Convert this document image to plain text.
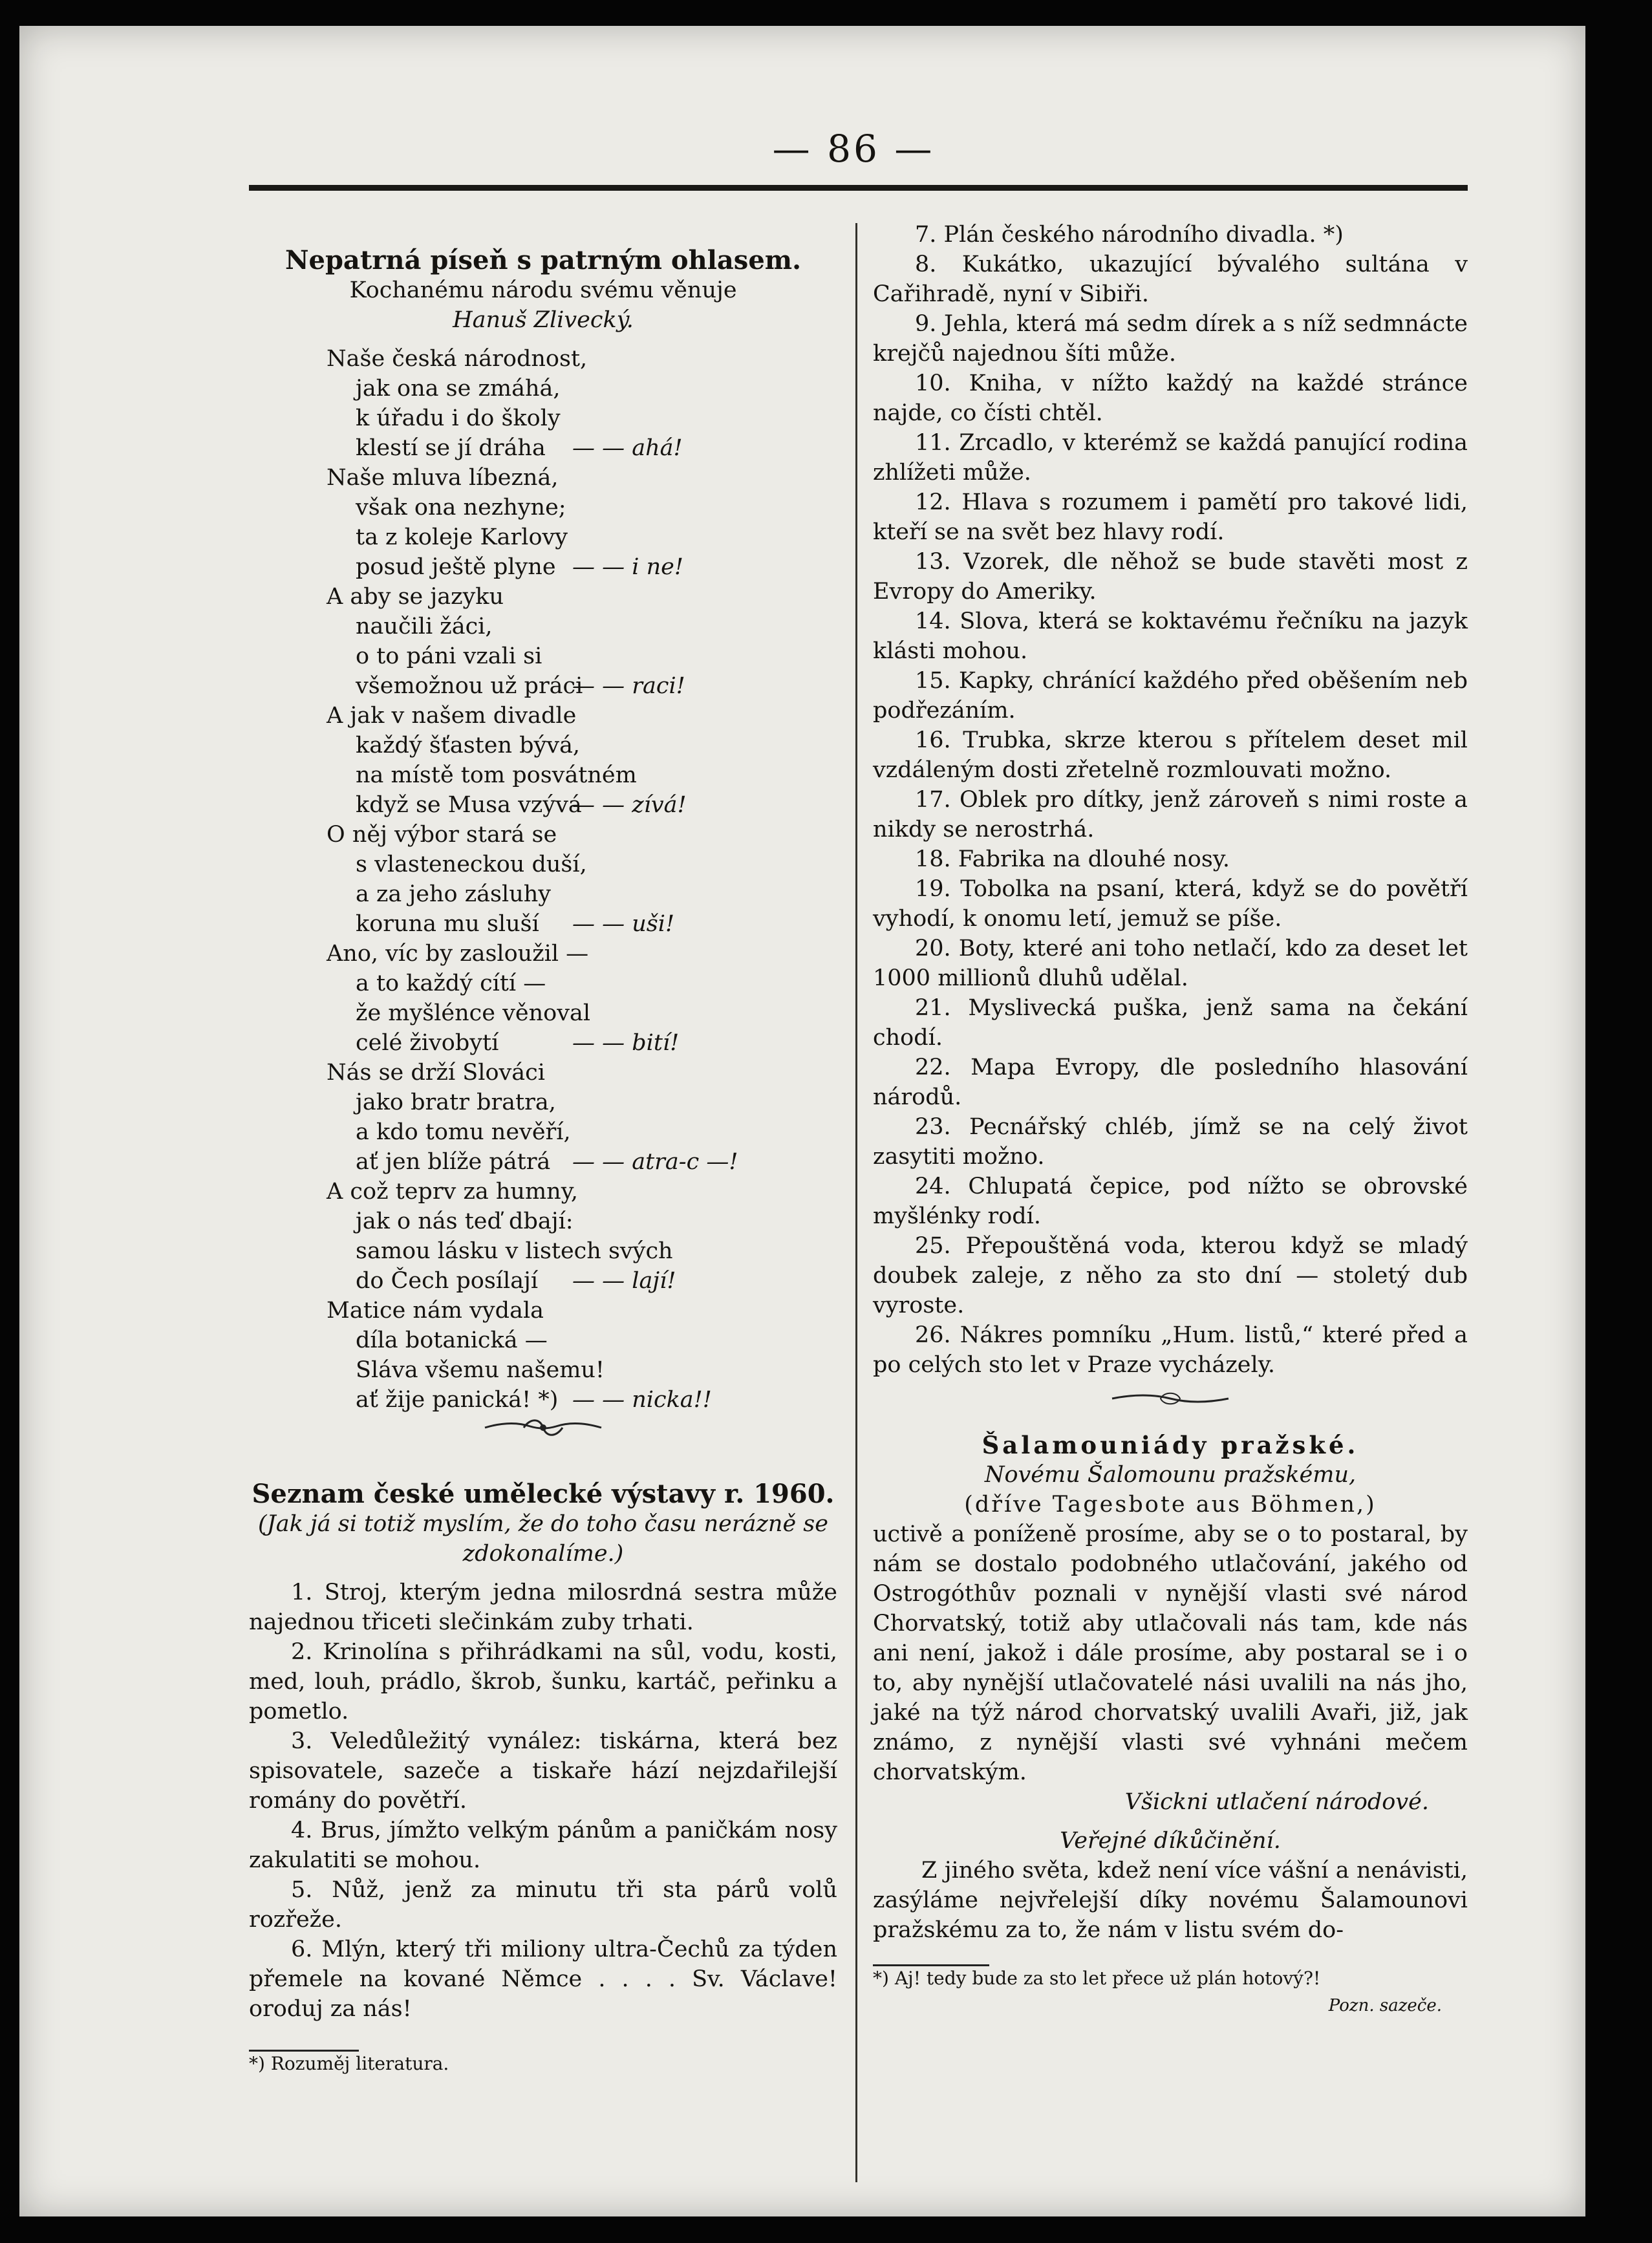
— 86 —
Nepatrná píseň s patrným ohlasem.
Kochanému národu svému věnuje
Hanuš Zlivecký.
Naše česká národnost,
jak ona se zmáhá,
k úřadu i do školy
klestí se jí dráha — — ahá!
Naše mluva líbezná,
však ona nezhyne;
ta z koleje Karlovy
posud ještě plyne — — i ne!
A aby se jazyku
naučili žáci,
o to páni vzali si
všemožnou už práci
— — raci!
A jak v našem divadle
každý šťasten bývá,
na místě tom posvátném
když se Musa vzývá
— — zívá!
O něj výbor stará se
s vlasteneckou duší,
a za jeho zásluhy
koruna mu sluší — — uši!
Ano, víc by zasloužil —
a to každý cítí —
že myšlénce věnoval
celé živobytí	— — bití!
Nás se drží Slováci
jako bratr bratra,
a kdo tomu nevěří,
ať jen blíže pátrá — — atra-c —!
A což teprv za humny,
jak o nás teď dbají:
samou lásku v listech svých
do Čech posílají — — lají!
Matice nám vydala
díla botanická —
Sláva všemu našemu!
ať žije panická! *) — — nicka!!
Seznam české umělecké výstavy r. 1960.
(Jak já si totiž myslím, že do toho času nerázně se zdokonalíme.)

1. Stroj, kterým jedna milosrdná sestra může najednou třiceti slečinkám zuby trhati.

2. Krinolína s přihrádkami na sůl, vodu, kosti, med, louh, prádlo, škrob, šunku, kartáč, peřinku a pometlo.

3. Veledůležitý vynález: tiskárna, která bez spisovatele, sazeče a tiskaře hází nejzdařilejší romány do povětří.

4. Brus, jímžto velkým pánům a paničkám nosy zakulatiti se mohou.

5. Nůž, jenž za minutu tři sta párů volů rozřeže.

6. Mlýn, který tři miliony ultra-Čechů za týden přemele na kované Němce . . . . Sv. Václave! oroduj za nás!

*) Rozuměj literatura.

7. Plán českého národního divadla. *)

8. Kukátko, ukazující bývalého sultána v Cařihradě, nyní v Sibiři.

9. Jehla, která má sedm dírek a s níž sedmnácte krejčů najednou šíti může.

10. Kniha, v nížto každý na každé stránce najde, co čísti chtěl.

11. Zrcadlo, v kterémž se každá panující rodina zhlížeti může.

12. Hlava s rozumem i pamětí pro takové lidi, kteří se na svět bez hlavy rodí.

13. Vzorek, dle něhož se bude stavěti most z Evropy do Ameriky.

14. Slova, která se koktavému řečníku na jazyk klásti mohou.

15. Kapky, chránící každého před oběšením neb podřezáním.

16. Trubka, skrze kterou s přítelem deset mil vzdáleným dosti zřetelně rozmlouvati možno.

17. Oblek pro dítky, jenž zároveň s nimi roste a nikdy se nerostrhá.

18. Fabrika na dlouhé nosy.

19. Tobolka na psaní, která, když se do povětří vyhodí, k onomu letí, jemuž se píše.

20. Boty, které ani toho netlačí, kdo za deset let 1000 millionů dluhů udělal.

21. Myslivecká puška, jenž sama na čekání chodí.

22. Mapa Evropy, dle posledního hlasování národů.

23. Pecnářský chléb, jímž se na celý život zasytiti možno.

24. Chlupatá čepice, pod nížto se obrovské myšlénky rodí.

25. Přepouštěná voda, kterou když se mladý doubek zaleje, z něho za sto dní — stoletý dub vyroste.

26. Nákres pomníku „Hum. listů,“ které před a po celých sto let v Praze vycházely.

Šalamouniády pražské.
Novému Šalomounu pražskému,
(dříve Tagesbote aus Böhmen,)

uctivě a poníženě prosíme, aby se o to postaral, by nám se dostalo podobného utlačování, jakého od Ostrogóthův poznali v nynější vlasti své národ Chorvatský, totiž aby utlačovali nás tam, kde nás ani není, jakož i dále prosíme, aby postaral se i o to, aby nynější utlačovatelé nási uvalili na nás jho, jaké na týž národ chorvatský uvalili Avaři, již, jak známo, z nynější vlasti své vyhnáni mečem chorvatským.

Všickni utlačení národové.
Veřejné díkůčinění.

Z jiného světa, kdež není více vášní a nenávisti, zasýláme nejvřelejší díky novému Šalamounovi pražskému za to, že nám v listu svém do-

*) Aj! tedy bude za sto let přece už plán hotový?!
Pozn. sazeče.
